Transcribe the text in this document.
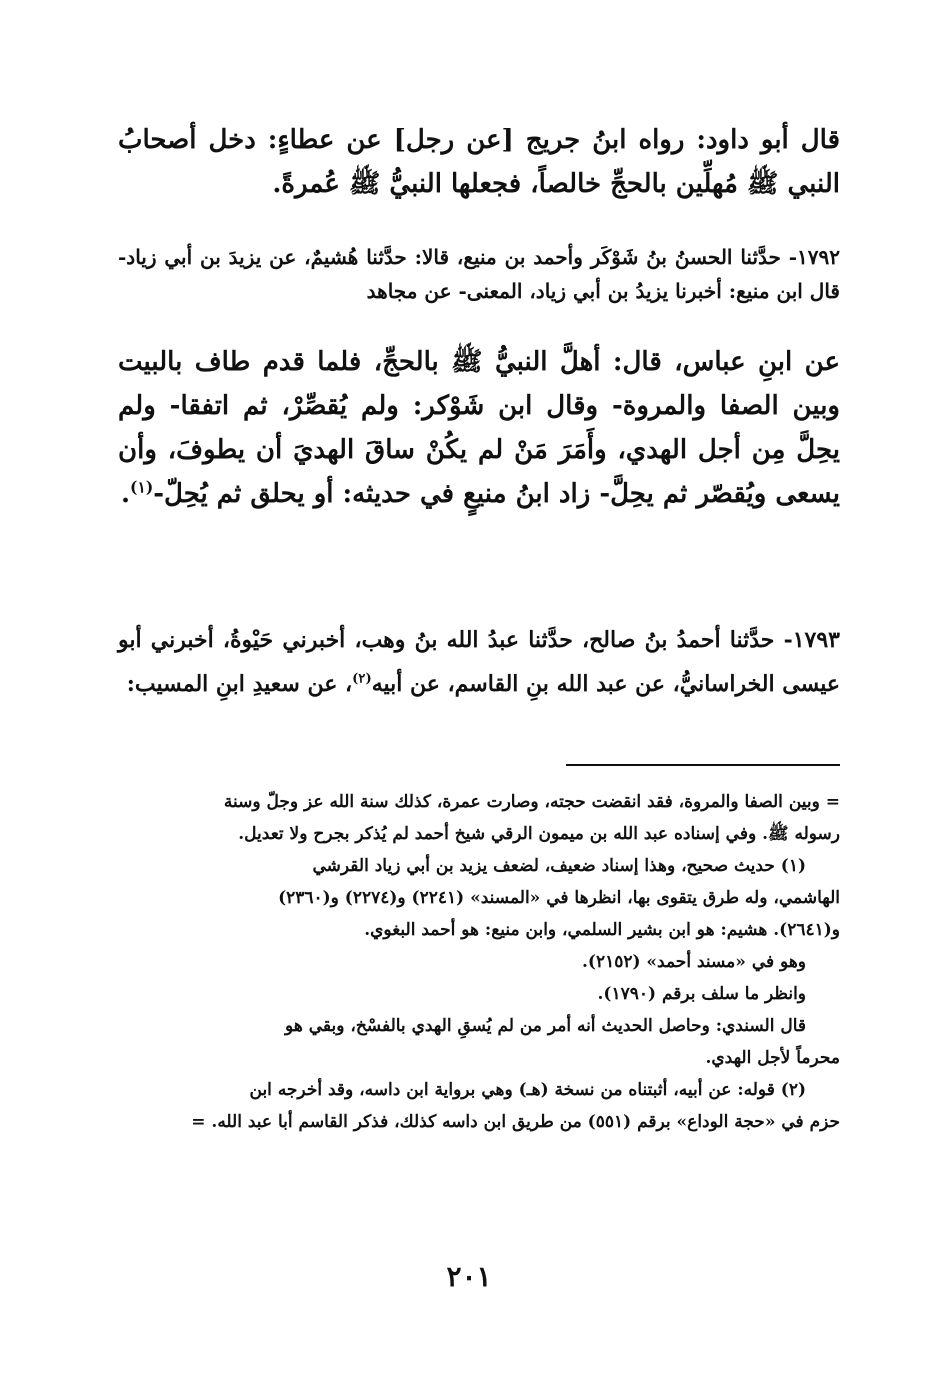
قال أبو داود: رواه ابنُ جريج [عن رجل] عن عطاءٍ: دخل أصحابُ النبي ﷺ مُهلِّين بالحجِّ خالصاً، فجعلها النبيُّ ﷺ عُمرةً.
١٧٩٢- حدَّثنا الحسنُ بنُ شَوْكَر وأحمد بن منيع، قالا: حدَّثنا هُشيمٌ، عن يزيدَ بن أبي زياد- قال ابن منيع: أخبرنا يزيدُ بن أبي زياد، المعنى- عن مجاهد
عن ابنِ عباس، قال: أهلَّ النبيُّ ﷺ بالحجِّ، فلما قدم طاف بالبيت وبين الصفا والمروة- وقال ابن شَوْكر: ولم يُقصِّرْ، ثم اتفقا- ولم يحِلَّ مِن أجل الهدي، وأَمَرَ مَنْ لم يكُنْ ساقَ الهديَ أن يطوفَ، وأن يسعى ويُقصّر ثم يحِلَّ- زاد ابنُ منيعٍ في حديثه: أو يحلق ثم يُحِلّ-$^{(١)}$.
١٧٩٣- حدَّثنا أحمدُ بنُ صالح، حدَّثنا عبدُ الله بنُ وهب، أخبرني حَيْوةُ، أخبرني أبو عيسى الخراسانيُّ، عن عبد الله بنِ القاسم، عن أبيه$^{(٢)}$، عن سعيدِ ابنِ المسيب:
= وبين الصفا والمروة، فقد انقضت حجته، وصارت عمرة، كذلك سنة الله عز وجلّ وسنة
رسوله ﷺ. وفي إسناده عبد الله بن ميمون الرقي شيخ أحمد لم يُذكر بجرح ولا تعديل.
(١) حديث صحيح، وهذا إسناد ضعيف، لضعف يزيد بن أبي زياد القرشي
الهاشمي، وله طرق يتقوى بها، انظرها في «المسند» (٢٢٤١) و(٢٢٧٤) و(٢٣٦٠)
و(٢٦٤١). هشيم: هو ابن بشير السلمي، وابن منيع: هو أحمد البغوي.
وهو في «مسند أحمد» (٢١٥٢).
وانظر ما سلف برقم (١٧٩٠).
قال السندي: وحاصل الحديث أنه أمر من لم يُسقِ الهدي بالفسْخ، وبقي هو
محرماً لأجل الهدي.
(٢) قوله: عن أبيه، أثبتناه من نسخة (هـ) وهي برواية ابن داسه، وقد أخرجه ابن
حزم في «حجة الوداع» برقم (٥٥١) من طريق ابن داسه كذلك، فذكر القاسم أبا عبد الله. =
٢٠١
